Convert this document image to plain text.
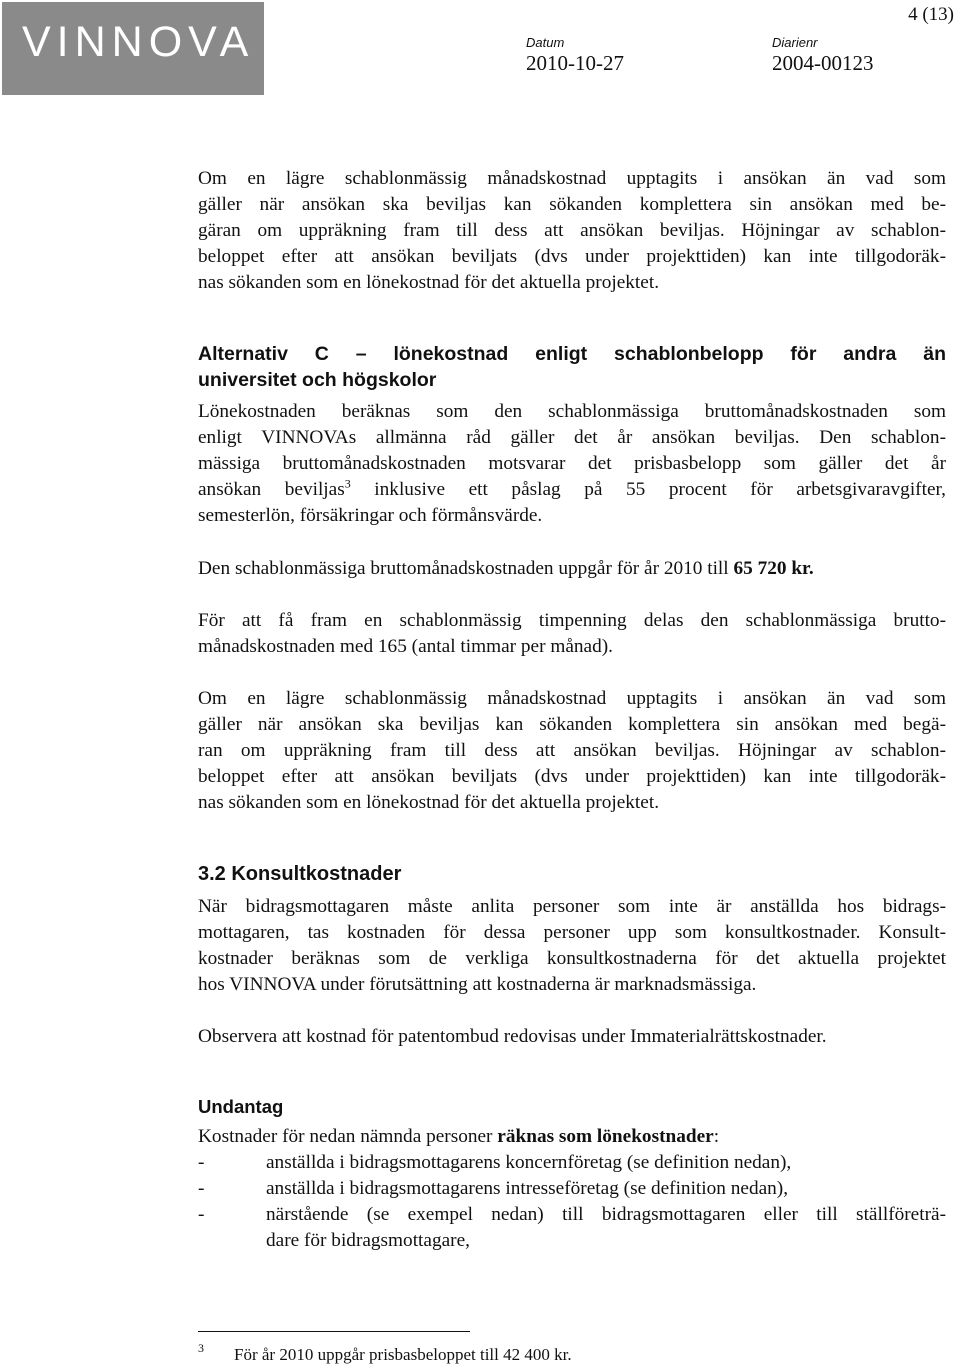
VINNOVA
4 (13)
Datum
2010-10-27
Diarienr
2004-00123
Om en lägre schablonmässig månadskostnad upptagits i ansökan än vad som
gäller när ansökan ska beviljas kan sökanden komplettera sin ansökan med be-
gäran om uppräkning fram till dess att ansökan beviljas. Höjningar av schablon-
beloppet efter att ansökan beviljats (dvs under projekttiden) kan inte tillgodoräk-
nas sökanden som en lönekostnad för det aktuella projektet.
Alternativ C – lönekostnad enligt schablonbelopp för andra än
universitet och högskolor
Lönekostnaden beräknas som den schablonmässiga bruttomånadskostnaden som
enligt VINNOVAs allmänna råd gäller det år ansökan beviljas. Den schablon-
mässiga bruttomånadskostnaden motsvarar det prisbasbelopp som gäller det år
ansökan beviljas$^3$ inklusive ett påslag på 55 procent för arbetsgivaravgifter,
semesterlön, försäkringar och förmånsvärde.
Den schablonmässiga bruttomånadskostnaden uppgår för år 2010 till 65 720 kr.
För att få fram en schablonmässig timpenning delas den schablonmässiga brutto-
månadskostnaden med 165 (antal timmar per månad).
Om en lägre schablonmässig månadskostnad upptagits i ansökan än vad som
gäller när ansökan ska beviljas kan sökanden komplettera sin ansökan med begä-
ran om uppräkning fram till dess att ansökan beviljas. Höjningar av schablon-
beloppet efter att ansökan beviljats (dvs under projekttiden) kan inte tillgodoräk-
nas sökanden som en lönekostnad för det aktuella projektet.
3.2 Konsultkostnader
När bidragsmottagaren måste anlita personer som inte är anställda hos bidrags-
mottagaren, tas kostnaden för dessa personer upp som konsultkostnader. Konsult-
kostnader beräknas som de verkliga konsultkostnaderna för det aktuella projektet
hos VINNOVA under förutsättning att kostnaderna är marknadsmässiga.
Observera att kostnad för patentombud redovisas under Immaterialrättskostnader.
Undantag
Kostnader för nedan nämnda personer räknas som lönekostnader:
-	anställda i bidragsmottagarens koncernföretag (se definition nedan),
-	anställda i bidragsmottagarens intresseföretag (se definition nedan),
-	närstående (se exempel nedan) till bidragsmottagaren eller till ställföreträ-
dare för bidragsmottagare,
3 För år 2010 uppgår prisbasbeloppet till 42 400 kr.
